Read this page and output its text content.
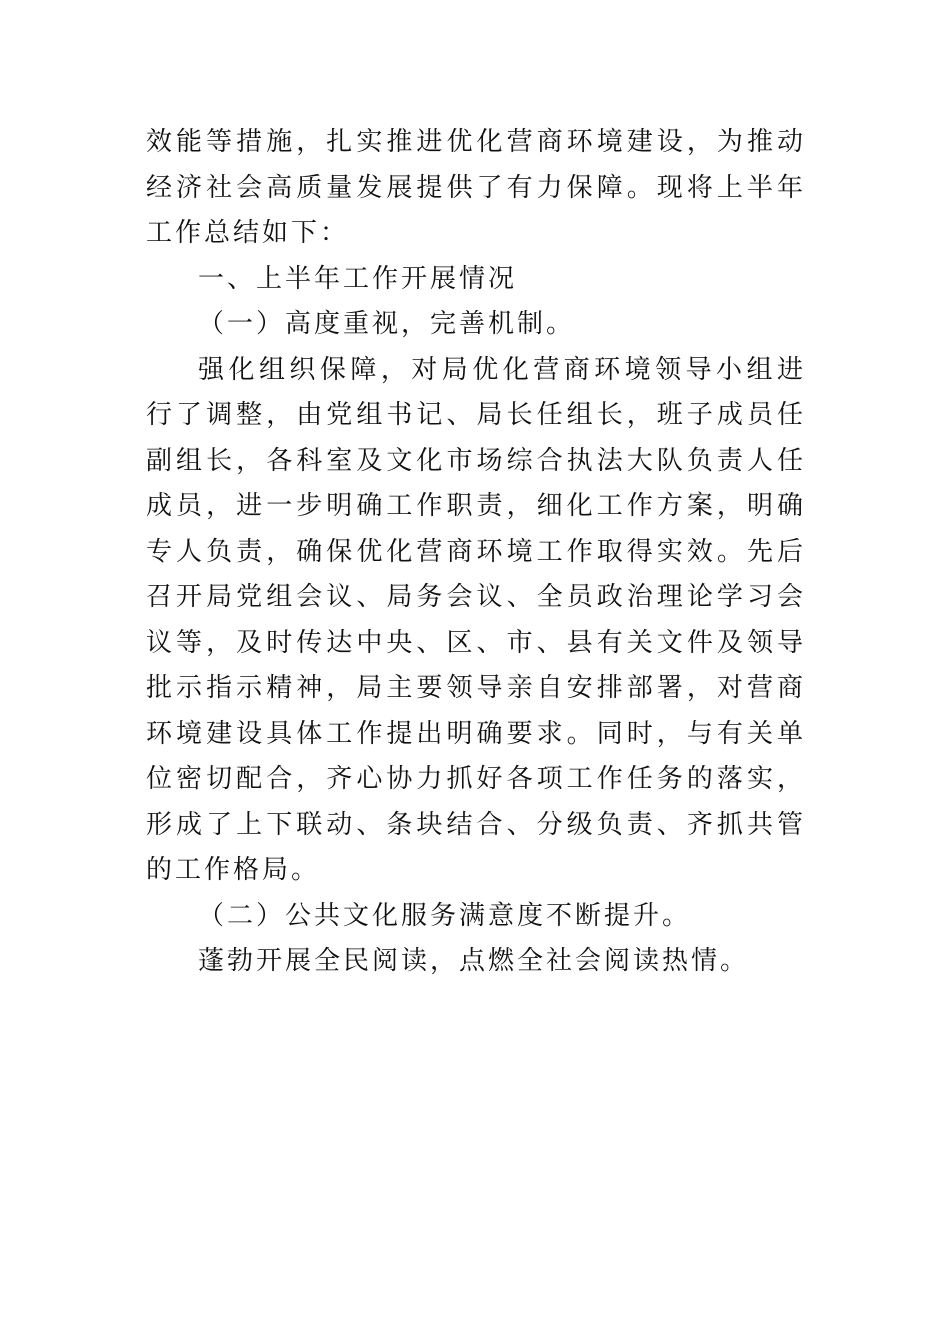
效能等措施，扎实推进优化营商环境建设，为推动经济社会高质量发展提供了有力保障。现将上半年工作总结如下：

一、上半年工作开展情况

（一）高度重视，完善机制。

强化组织保障，对局优化营商环境领导小组进行了调整，由党组书记、局长任组长，班子成员任副组长，各科室及文化市场综合执法大队负责人任成员，进一步明确工作职责，细化工作方案，明确专人负责，确保优化营商环境工作取得实效。先后召开局党组会议、局务会议、全员政治理论学习会议等，及时传达中央、区、市、县有关文件及领导批示指示精神，局主要领导亲自安排部署，对营商环境建设具体工作提出明确要求。同时，与有关单位密切配合，齐心协力抓好各项工作任务的落实，形成了上下联动、条块结合、分级负责、齐抓共管的工作格局。

（二）公共文化服务满意度不断提升。

蓬勃开展全民阅读，点燃全社会阅读热情。
